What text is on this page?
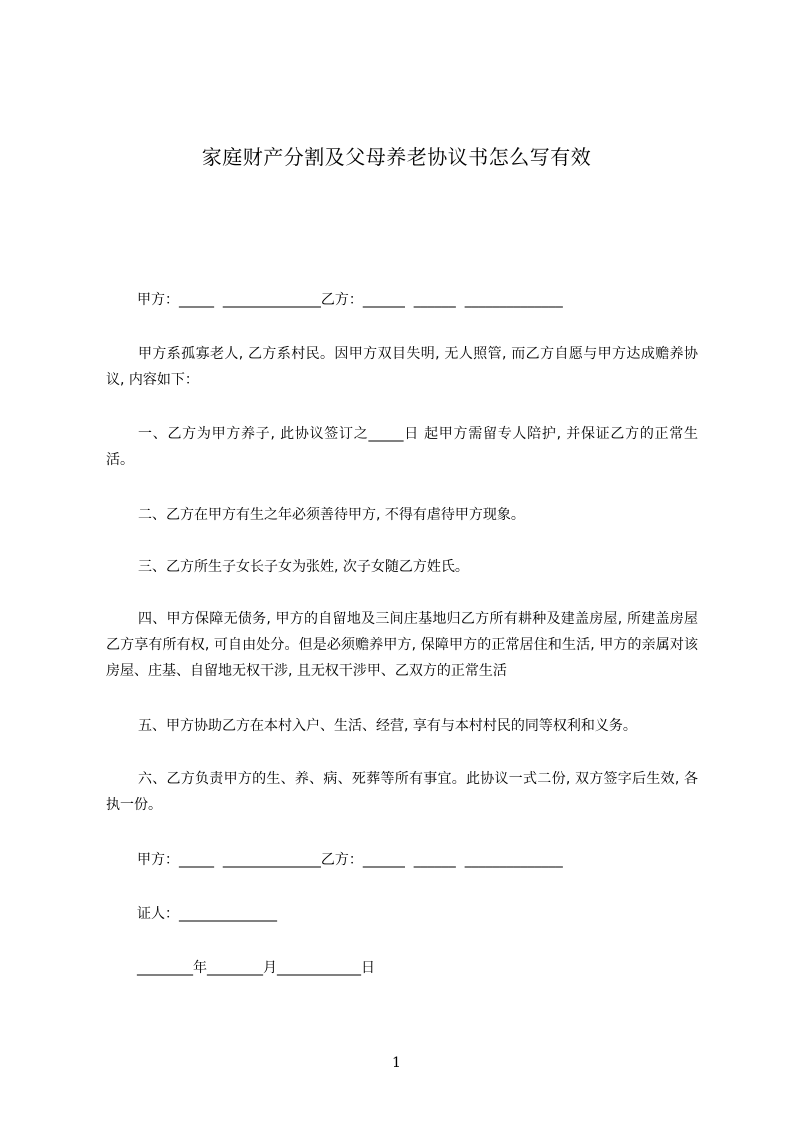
家庭财产分割及父母养老协议书怎么写有效
甲方：_____  ______________乙方：______  ______  ______________

甲方系孤寡老人, 乙方系村民。因甲方双目失明, 无人照管, 而乙方自愿与甲方达成赡养协议, 内容如下：

一、乙方为甲方养子, 此协议签订之_____日 起甲方需留专人陪护, 并保证乙方的正常生活。

二、乙方在甲方有生之年必须善待甲方, 不得有虐待甲方现象。

三、乙方所生子女长子女为张姓, 次子女随乙方姓氏。

四、甲方保障无债务, 甲方的自留地及三间庄基地归乙方所有耕种及建盖房屋, 所建盖房屋乙方享有所有权, 可自由处分。但是必须赡养甲方, 保障甲方的正常居住和生活, 甲方的亲属对该房屋、庄基、自留地无权干涉, 且无权干涉甲、乙双方的正常生活

五、甲方协助乙方在本村入户、生活、经营, 享有与本村村民的同等权利和义务。

六、乙方负责甲方的生、养、病、死葬等所有事宜。此协议一式二份, 双方签字后生效, 各执一份。

甲方：_____  ______________乙方：______  ______  ______________
证人：______________
________年________月____________日
1
